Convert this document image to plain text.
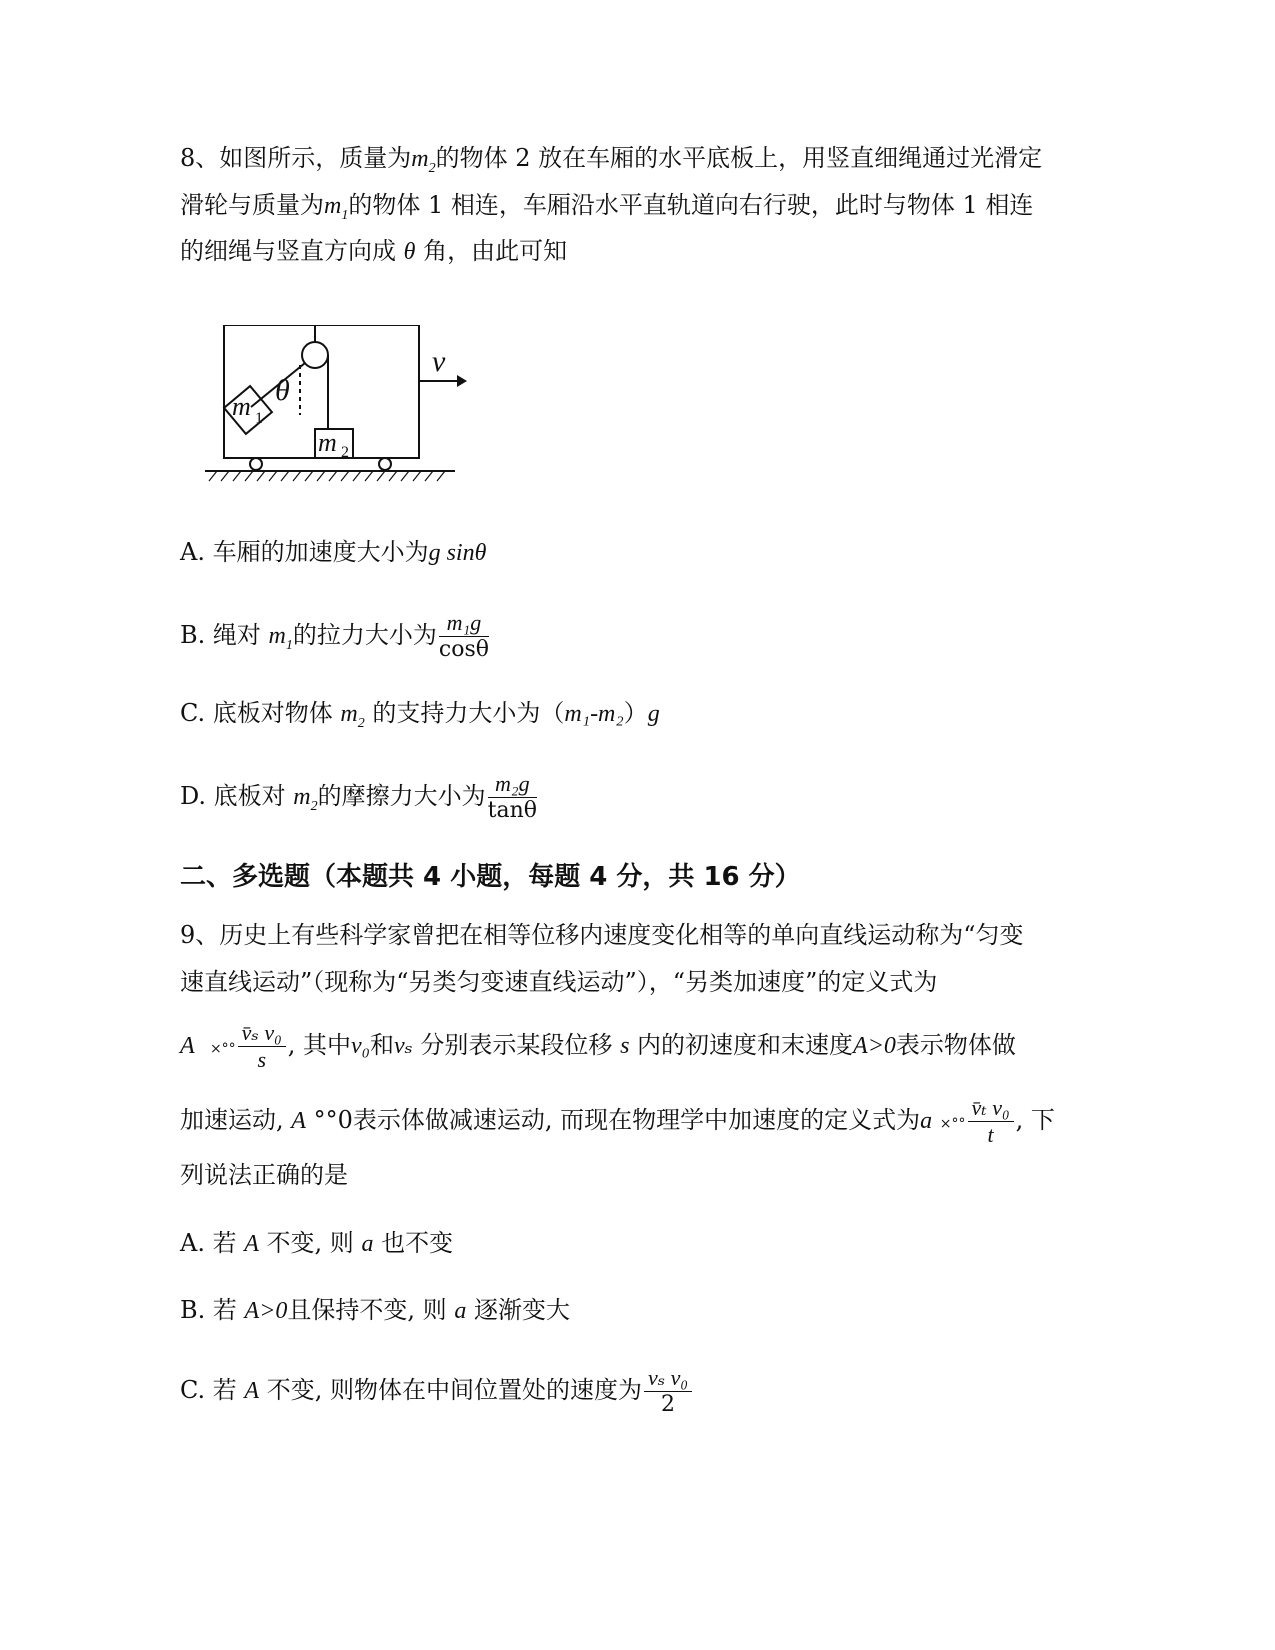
8、如图所示，质量为$m_2$的物体 2 放在车厢的水平底板上，用竖直细绳通过光滑定
滑轮与质量为$m_1$的物体 1 相连，车厢沿水平直轨道向右行驶，此时与物体 1 相连
的细绳与竖直方向成 θ 角，由此可知
v
θ
m 1
m 2
A. 车厢的加速度大小为g sinθ
B. 绳对 $m_1$的拉力大小为 $\frac{\text{m₁g}}{\cos\theta}$
C. 底板对物体 $m_2$ 的支持力大小为（m₁-m₂）g
D. 底板对 $m_2$的摩擦力大小为 $\frac{\text{m₂g}}{\tan\theta}$
二、多选题（本题共 4 小题，每题 4 分，共 16 分）
9、历史上有些科学家曾把在相等位移内速度变化相等的单向直线运动称为“匀变
速直线运动”（现称为“另类匀变速直线运动”），“另类加速度”的定义式为
A ×°° $\frac{\text{v̄ₛ v₀}}{s}$ , 其中v₀和vₛ 分别表示某段位移 s 内的初速度和末速度A>0表示物体做
加速运动, A °°0表示体做减速运动, 而现在物理学中加速度的定义式为a ×°° $\frac{\text{v̄ₜ v₀}}{t}$ , 下
列说法正确的是
A. 若 A 不变, 则 a 也不变
B. 若 A>0且保持不变, 则 a 逐渐变大
C. 若 A 不变, 则物体在中间位置处的速度为 $\frac{\text{vₛ v₀}}{2}$
